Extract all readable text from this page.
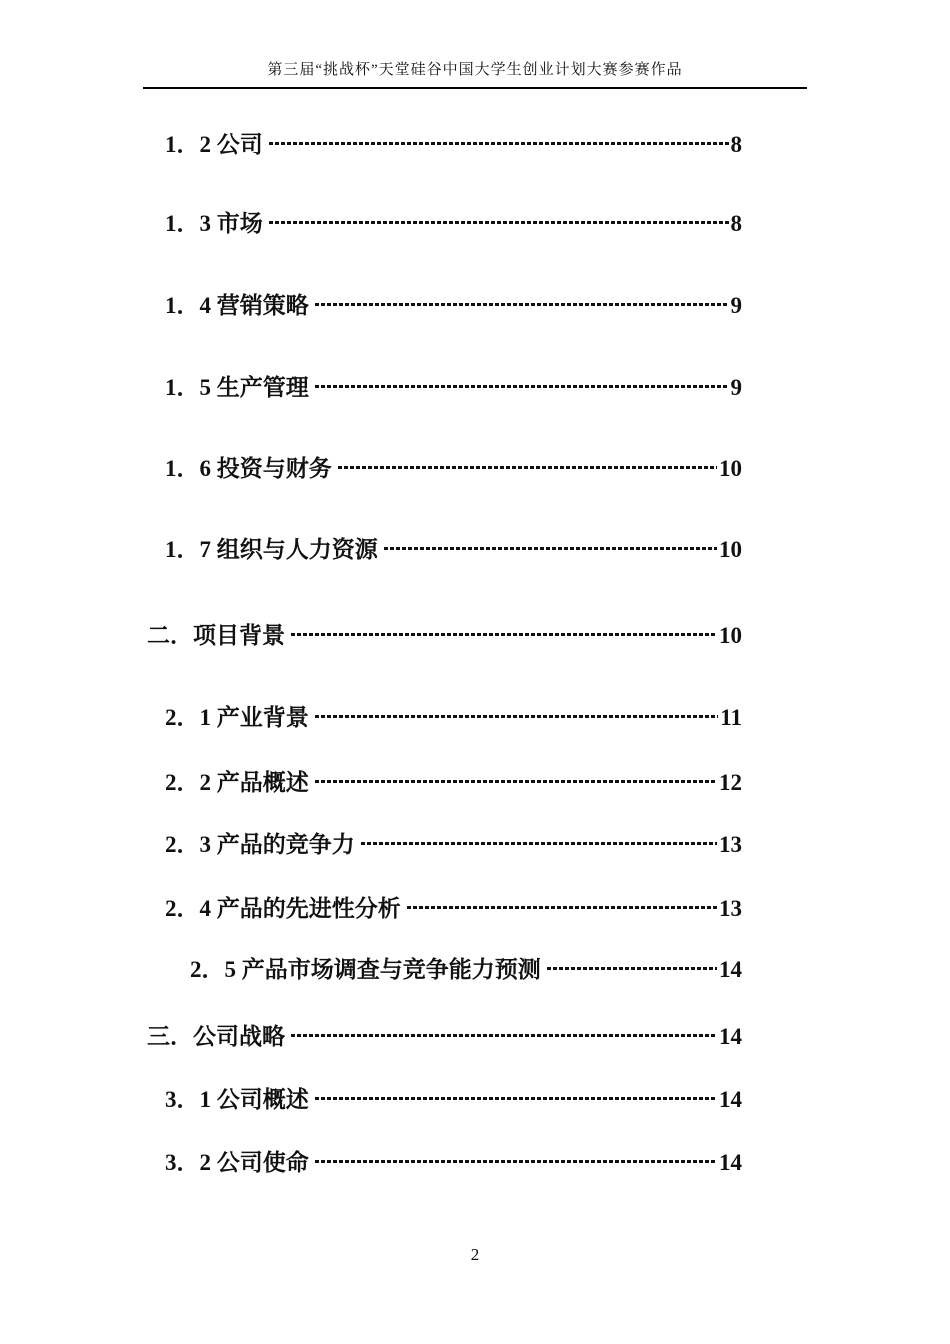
第三届“挑战杯”天堂硅谷中国大学生创业计划大赛参赛作品
1．2 公司	8
1．3 市场	8
1．4 营销策略	9
1．5 生产管理	9
1．6 投资与财务	10
1．7 组织与人力资源	10
二．项目背景	10
2．1 产业背景	11
2．2 产品概述	12
2．3 产品的竞争力	13
2．4 产品的先进性分析	13
2．5 产品市场调查与竞争能力预测	14
三．公司战略	14
3．1 公司概述	14
3．2 公司使命	14
2
